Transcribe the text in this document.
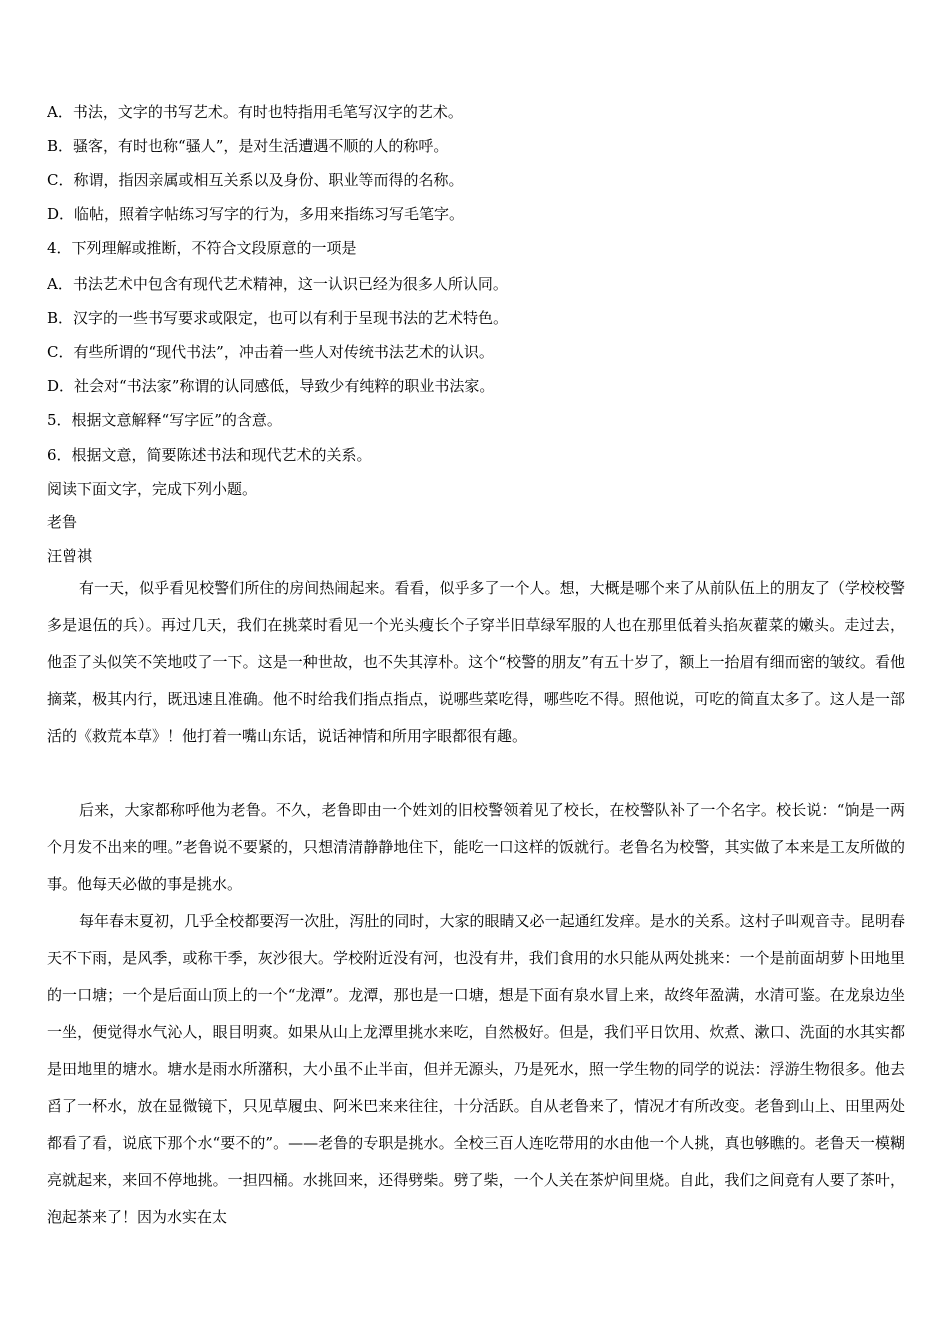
A．书法，文字的书写艺术。有时也特指用毛笔写汉字的艺术。
B．骚客，有时也称“骚人”，是对生活遭遇不顺的人的称呼。
C．称谓，指因亲属或相互关系以及身份、职业等而得的名称。
D．临帖，照着字帖练习写字的行为，多用来指练习写毛笔字。
4．下列理解或推断，不符合文段原意的一项是
A．书法艺术中包含有现代艺术精神，这一认识已经为很多人所认同。
B．汉字的一些书写要求或限定，也可以有利于呈现书法的艺术特色。
C．有些所谓的“现代书法”，冲击着一些人对传统书法艺术的认识。
D．社会对“书法家”称谓的认同感低，导致少有纯粹的职业书法家。
5．根据文意解释“写字匠”的含意。
6．根据文意，简要陈述书法和现代艺术的关系。
阅读下面文字，完成下列小题。
老鲁
汪曾祺
有一天，似乎看见校警们所住的房间热闹起来。看看，似乎多了一个人。想，大概是哪个来了从前队伍上的朋友了（学校校警多是退伍的兵）。再过几天，我们在挑菜时看见一个光头瘦长个子穿半旧草绿军服的人也在那里低着头掐灰藋菜的嫩头。走过去，他歪了头似笑不笑地哎了一下。这是一种世故，也不失其淳朴。这个“校警的朋友”有五十岁了，额上一抬眉有细而密的皱纹。看他摘菜，极其内行，既迅速且准确。他不时给我们指点指点，说哪些菜吃得，哪些吃不得。照他说，可吃的简直太多了。这人是一部活的《救荒本草》！他打着一嘴山东话，说话神情和所用字眼都很有趣。
后来，大家都称呼他为老鲁。不久，老鲁即由一个姓刘的旧校警领着见了校长，在校警队补了一个名字。校长说：“饷是一两个月发不出来的哩。”老鲁说不要紧的，只想清清静静地住下，能吃一口这样的饭就行。老鲁名为校警，其实做了本来是工友所做的事。他每天必做的事是挑水。
每年春末夏初，几乎全校都要泻一次肚，泻肚的同时，大家的眼睛又必一起通红发痒。是水的关系。这村子叫观音寺。昆明春天不下雨，是风季，或称干季，灰沙很大。学校附近没有河，也没有井，我们食用的水只能从两处挑来：一个是前面胡萝卜田地里的一口塘；一个是后面山顶上的一个“龙潭”。龙潭，那也是一口塘，想是下面有泉水冒上来，故终年盈满，水清可鉴。在龙泉边坐一坐，便觉得水气沁人，眼目明爽。如果从山上龙潭里挑水来吃，自然极好。但是，我们平日饮用、炊煮、漱口、洗面的水其实都是田地里的塘水。塘水是雨水所潴积，大小虽不止半亩，但并无源头，乃是死水，照一学生物的同学的说法：浮游生物很多。他去舀了一杯水，放在显微镜下，只见草履虫、阿米巴来来往往，十分活跃。自从老鲁来了，情况才有所改变。老鲁到山上、田里两处都看了看，说底下那个水“要不的”。——老鲁的专职是挑水。全校三百人连吃带用的水由他一个人挑，真也够瞧的。老鲁天一模糊亮就起来，来回不停地挑。一担四桶。水挑回来，还得劈柴。劈了柴，一个人关在茶炉间里烧。自此，我们之间竟有人要了茶叶，泡起茶来了！因为水实在太
